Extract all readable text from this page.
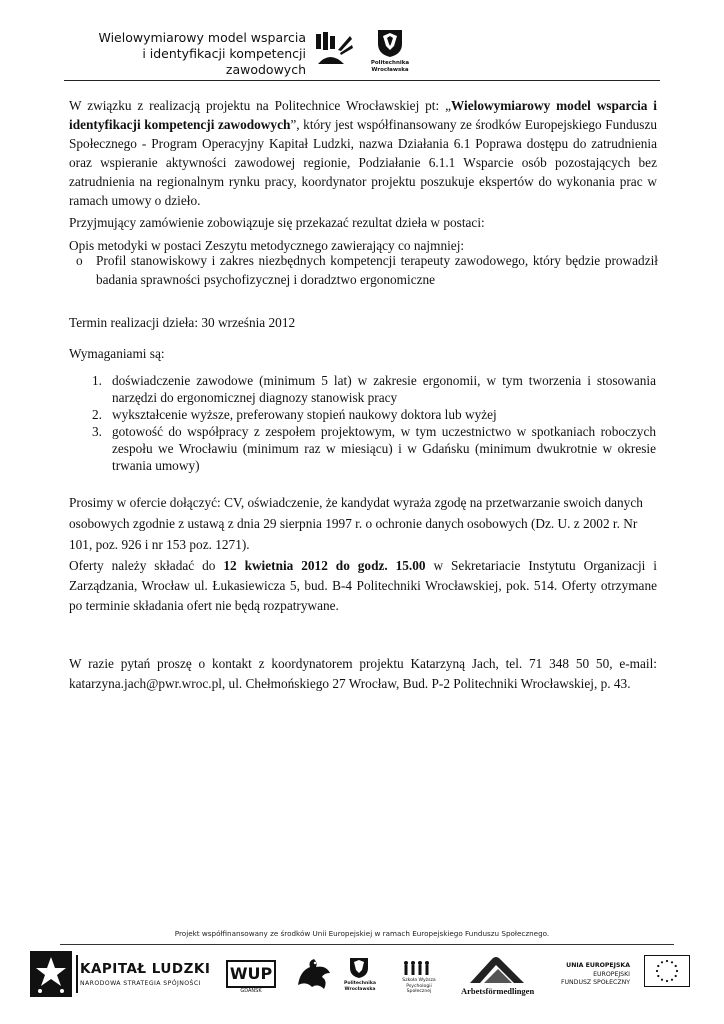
Wielowymiarowy model wsparcia
i identyfikacji kompetencji zawodowych	Politechnika
Wrocławska
W związku z realizacją projektu na Politechnice Wrocławskiej pt: „Wielowymiarowy model wsparcia i identyfikacji kompetencji zawodowych”, który jest współfinansowany ze środków Europejskiego Funduszu Społecznego - Program Operacyjny Kapitał Ludzki, nazwa Działania 6.1 Poprawa dostępu do zatrudnienia oraz wspieranie aktywności zawodowej regionie, Podziałanie 6.1.1 Wsparcie osób pozostających bez zatrudnienia na regionalnym rynku pracy, koordynator projektu poszukuje ekspertów do wykonania prac w ramach umowy o dzieło.
Przyjmujący zamówienie zobowiązuje się przekazać rezultat dzieła w postaci:
Opis metodyki w postaci Zeszytu metodycznego zawierający co najmniej:
o Profil stanowiskowy i zakres niezbędnych kompetencji terapeuty zawodowego, który będzie prowadził badania sprawności psychofizycznej i doradztwo ergonomiczne
Termin realizacji dzieła: 30 września 2012
Wymaganiami są:
1. doświadczenie zawodowe (minimum 5 lat) w zakresie ergonomii, w tym tworzenia i stosowania narzędzi do ergonomicznej diagnozy stanowisk pracy
2. wykształcenie wyższe, preferowany stopień naukowy doktora lub wyżej
3. gotowość do współpracy z zespołem projektowym, w tym uczestnictwo w spotkaniach roboczych zespołu we Wrocławiu (minimum raz w miesiącu) i w Gdańsku (minimum dwukrotnie w okresie trwania umowy)
Prosimy w ofercie dołączyć: CV, oświadczenie, że kandydat wyraża zgodę na przetwarzanie swoich danych
osobowych zgodnie z ustawą z dnia 29 sierpnia 1997 r. o ochronie danych osobowych (Dz. U. z 2002 r. Nr
101, poz. 926 i nr 153 poz. 1271).
Oferty należy składać do 12 kwietnia 2012 do godz. 15.00 w Sekretariacie Instytutu Organizacji i Zarządzania, Wrocław ul. Łukasiewicza 5, bud. B-4 Politechniki Wrocławskiej, pok. 514. Oferty otrzymane po terminie składania ofert nie będą rozpatrywane.
W razie pytań proszę o kontakt z koordynatorem projektu Katarzyną Jach, tel. 71 348 50 50, e-mail: katarzyna.jach@pwr.wroc.pl, ul. Chełmońskiego 27 Wrocław, Bud. P-2 Politechniki Wrocławskiej, p. 43.
Projekt współfinansowany ze środków Unii Europejskiej w ramach Europejskiego Funduszu Społecznego.
KAPITAŁ LUDZKI
NARODOWA STRATEGIA SPÓJNOŚCI
WUP
GDAŃSK
Politechnika
Wrocławska
Szkoła Wyższa
Psychologii Społecznej	Arbetsförmedlingen
UNIA EUROPEJSKA
EUROPEJSKI
FUNDUSZ SPOŁECZNY
